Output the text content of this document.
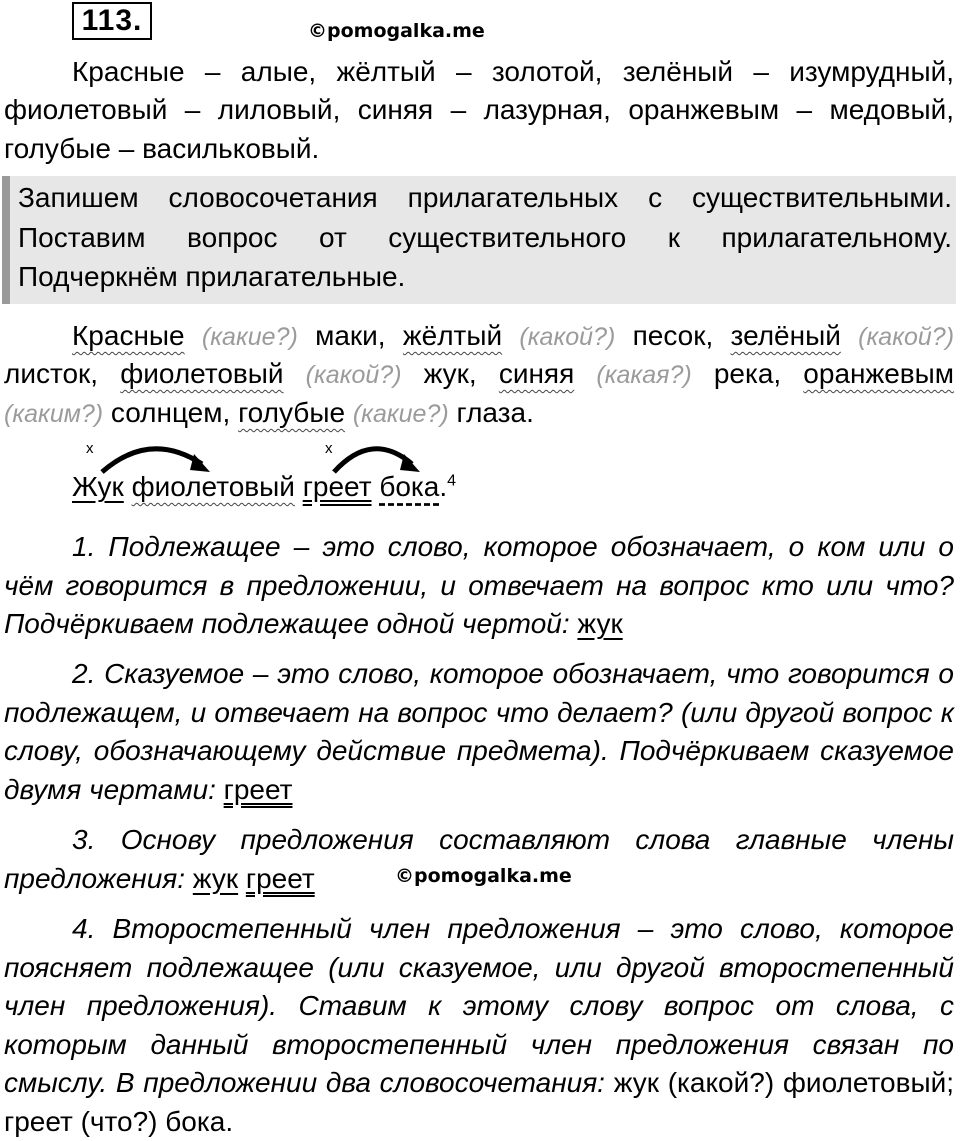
113.	©pomogalka.me
Красные – алые, жёлтый – золотой, зелёный – изумрудный,
фиолетовый – лиловый, синяя – лазурная, оранжевым – медовый,
голубые – васильковый.
Запишем словосочетания прилагательных с существительными.
Поставим вопрос от существительного к прилагательному.
Подчеркнём прилагательные.
Красные (какие?) маки, жёлтый (какой?) песок, зелёный (какой?)
листок, фиолетовый (какой?) жук, синяя (какая?) река, оранжевым
(каким?) солнцем, голубые (какие?) глаза.
x	x
Жук фиолетовый греет бока.$^4$
1. Подлежащее – это слово, которое обозначает, о ком или о чём говорится в предложении, и отвечает на вопрос кто или что? Подчёркиваем подлежащее одной чертой: жук
2. Сказуемое – это слово, которое обозначает, что говорится о подлежащем, и отвечает на вопрос что делает? (или другой вопрос к слову, обозначающему действие предмета). Подчёркиваем сказуемое двумя чертами: греет
3. Основу предложения составляют слова главные члены предложения: жук греет	©pomogalka.me
4. Второстепенный член предложения – это слово, которое поясняет подлежащее (или сказуемое, или другой второстепенный член предложения). Ставим к этому слову вопрос от слова, с которым данный второстепенный член предложения связан по смыслу. В предложении два словосочетания: жук (какой?) фиолетовый; греет (что?) бока.
